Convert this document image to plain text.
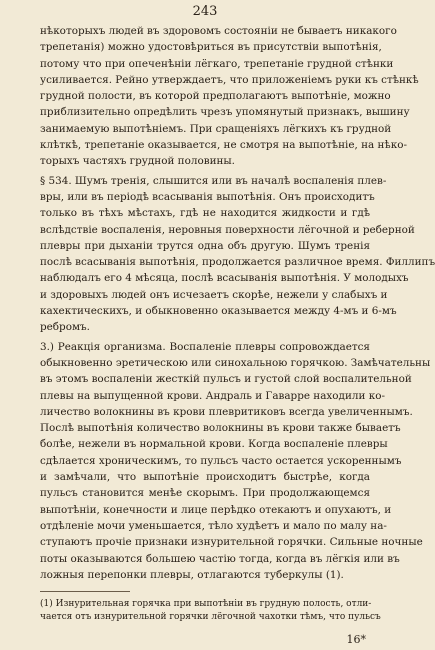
243
нѣкоторыхъ людей въ здоровомъ состоянiи не бываетъ никакого
трепетанiя) можно удостовѣриться въ присутствiи выпотѣнiя,
потому что при опеченѣнiи лёгкаго, трепетанiе грудной стѣнки
усиливается. Рейно утверждаетъ, что приложенiемъ руки къ стѣнкѣ
грудной полости, въ которой предполагаютъ выпотѣнiе, можно
приблизительно опредѣлить чрезъ упомянутый признакъ, вышину
занимаемую выпотѣнiемъ. При сращенiяхъ лёгкихъ къ грудной
клѣткѣ, трепетанiе оказывается, не смотря на выпотѣнiе, на нѣко-
торыхъ частяхъ грудной половины.
§ 534. Шумъ тренiя, слышится или въ началѣ воспаленiя плев-
вры, или въ перiодѣ всасыванiя выпотѣнiя. Онъ происходитъ
только въ тѣхъ мѣстахъ, гдѣ не находится жидкости и гдѣ
вслѣдствiе воспаленiя, неровныя поверхности лёгочной и реберной
плевры при дыханiи трутся одна объ другую. Шумъ тренiя
послѣ всасыванiя выпотѣнiя, продолжается различное время. Филлипъ
наблюдалъ его 4 мѣсяца, послѣ всасыванiя выпотѣнiя. У молодыхъ
и здоровыхъ людей онъ исчезаетъ скорѣе, нежели у слабыхъ и
кахектическихъ, и обыкновенно оказывается между 4-мъ и 6-мъ
ребромъ.
3.) Реакцiя организма. Воспаленiе плевры сопровождается
обыкновенно эретическою или синохальною горячкою. Замѣчательны
въ этомъ воспаленiи жесткiй пульсъ и густой слой воспалительной
плевы на выпущенной крови. Андраль и Гаварре находили ко-
личество волокнины въ крови плевритиковъ всегда увеличеннымъ.
Послѣ выпотѣнiя количество волокнины въ крови также бываетъ
болѣе, нежели въ нормальной крови. Когда воспаленiе плевры
сдѣлается хроническимъ, то пульсъ часто остается ускореннымъ
и замѣчали, что выпотѣнiе происходитъ быстрѣе, когда
пульсъ становится менѣе скорымъ. При продолжающемся
выпотѣнiи, конечности и лице перѣдко отекаютъ и опухаютъ, и
отдѣленiе мочи уменьшается, тѣло худѣетъ и мало по малу на-
ступаютъ прочiе признаки изнурительной горячки. Сильные ночные
поты оказываются большею частiю тогда, когда въ лёгкiя или въ
ложныя перепонки плевры, отлагаются туберкулы (1).
(1) Изнурительная горячка при выпотѣнiи въ грудную полость, отли-
чается отъ изнурительной горячки лёгочной чахотки тѣмъ, что пульсъ
16*
